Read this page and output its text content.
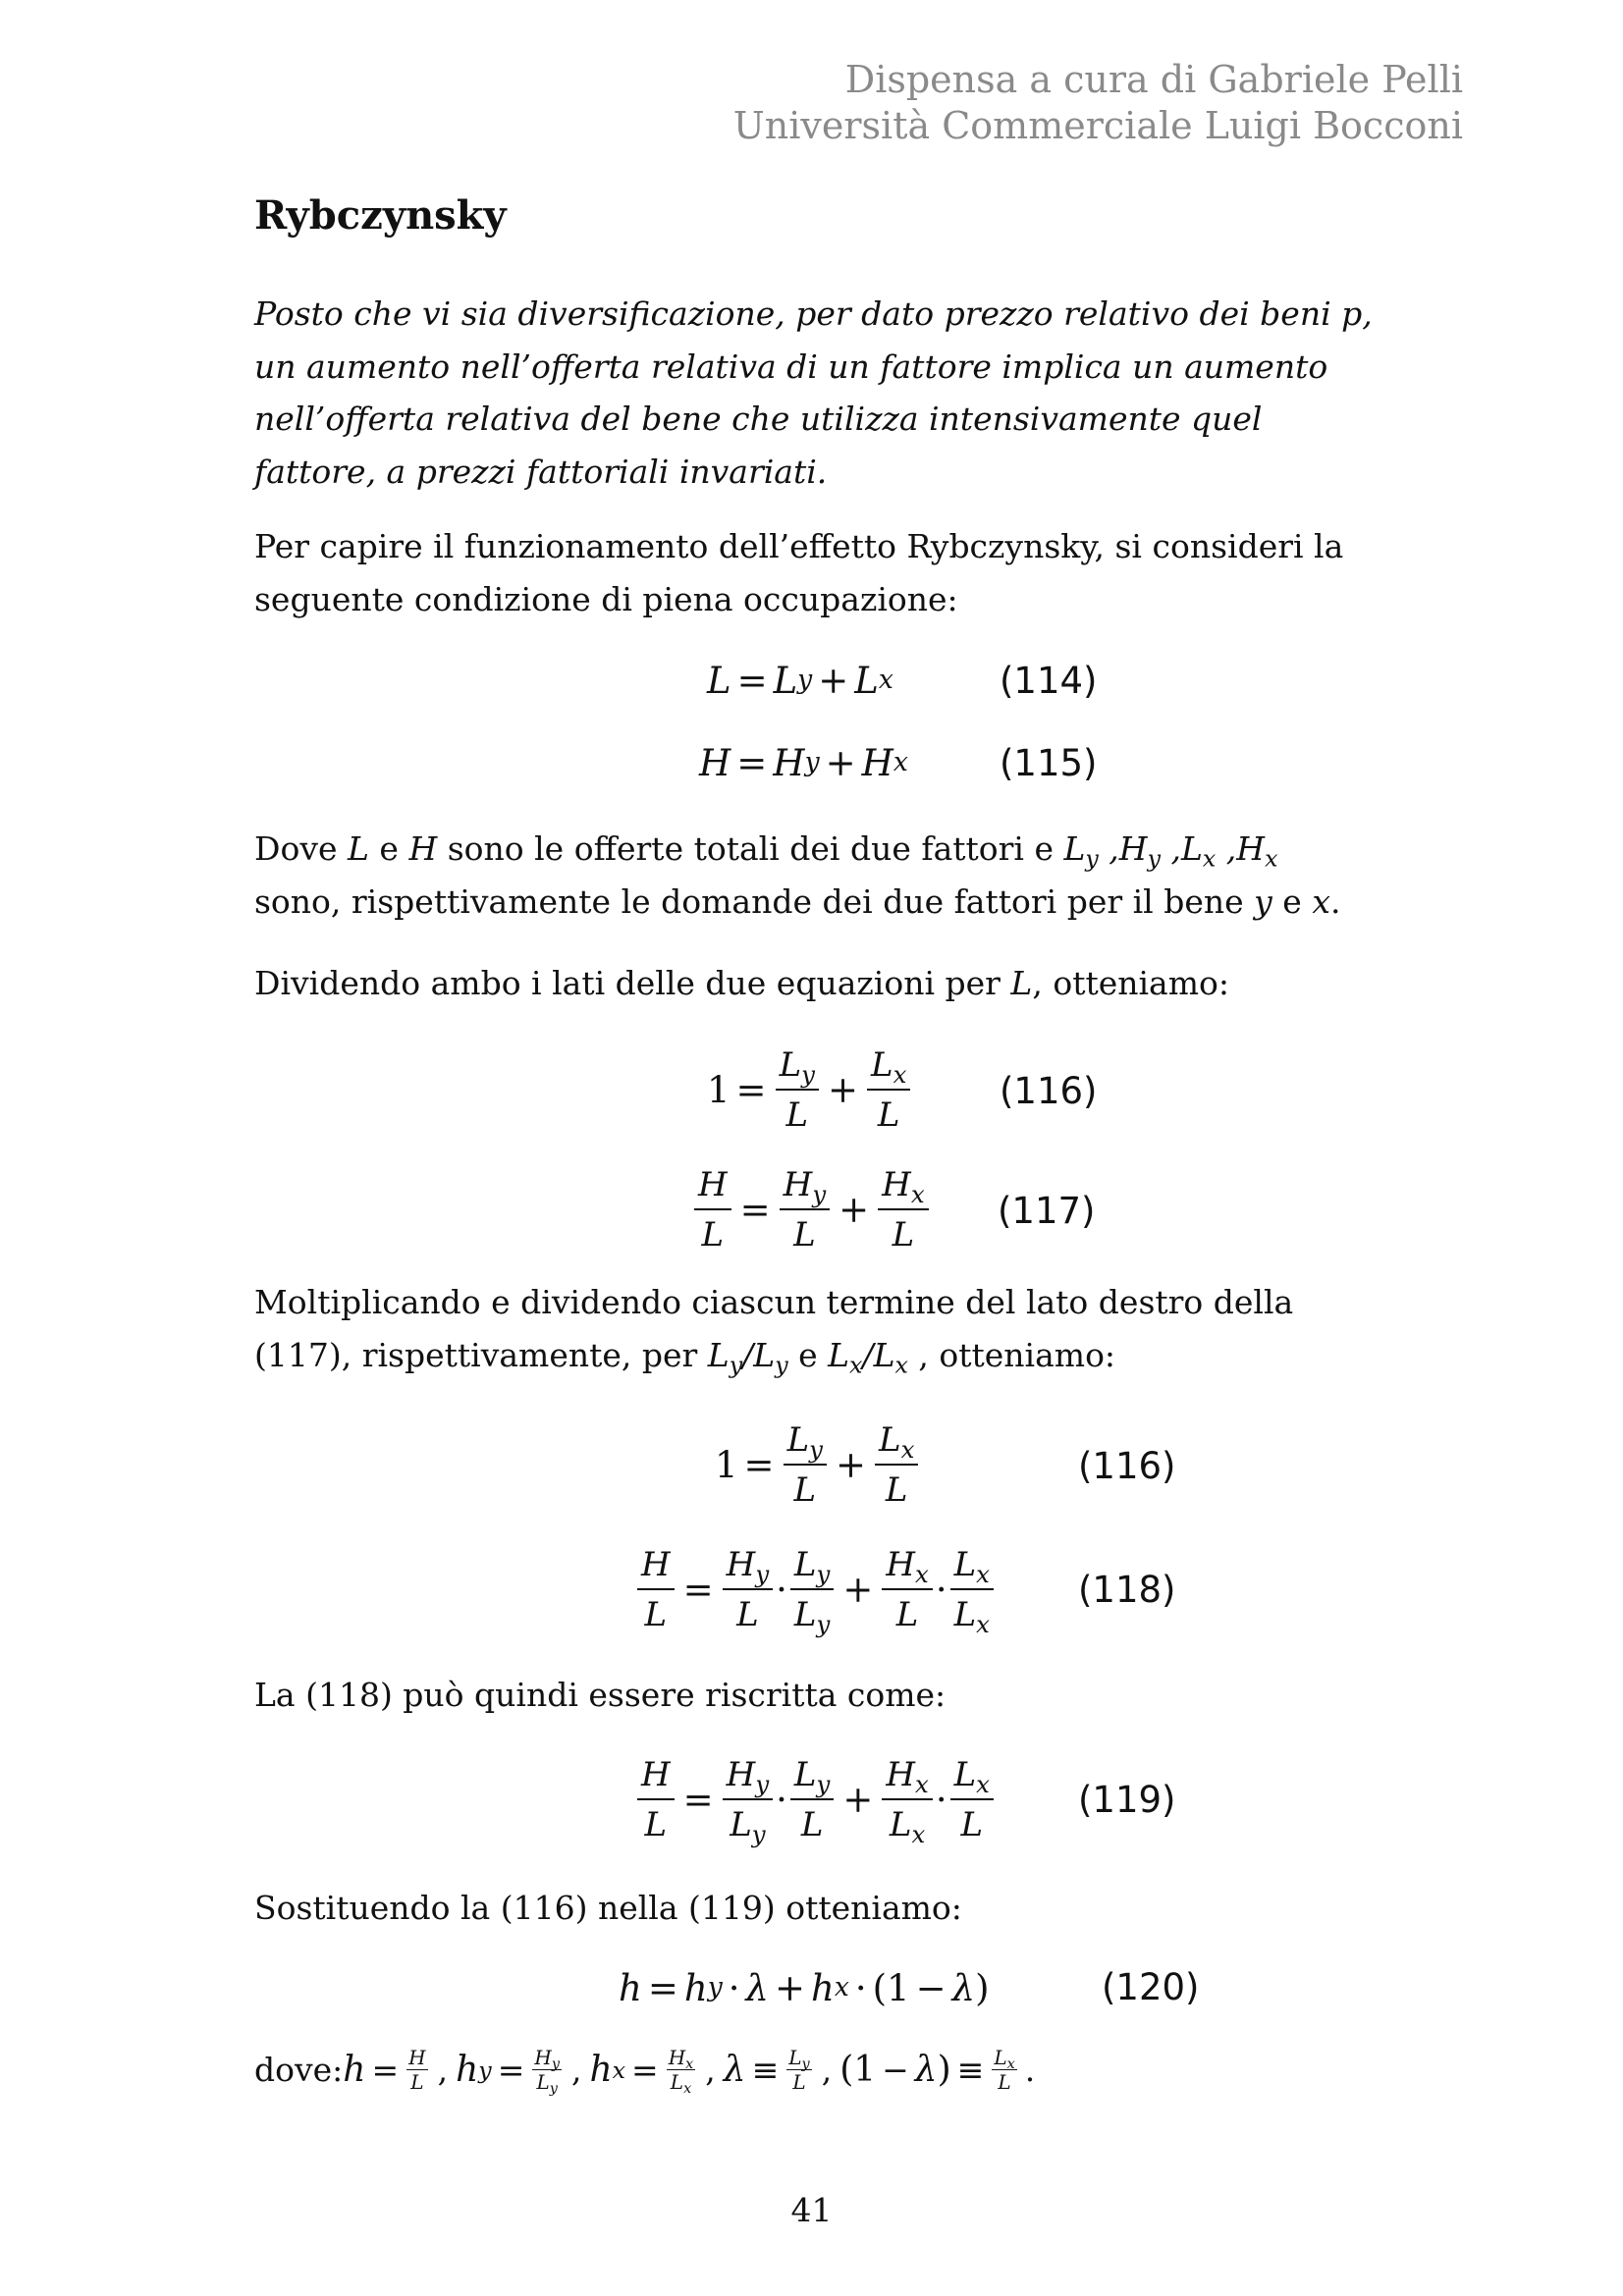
Dispensa a cura di Gabriele Pelli
Università Commerciale Luigi Bocconi
Rybczynsky

Posto che vi sia diversificazione, per dato prezzo relativo dei beni p, un aumento nell’offerta relativa di un fattore implica un aumento nell’offerta relativa del bene che utilizza intensivamente quel fattore, a prezzi fattoriali invariati.

Per capire il funzionamento dell’effetto Rybczynsky, si consideri la seguente condizione di piena occupazione:

L = L y + L x	(114)
H = H y + H x	(115)

Dove L e H sono le offerte totali dei due fattori e $L_y$ $,H_y$ $,L_x$ $,H_x$
sono, rispettivamente le domande dei due fattori per il bene y e x.

Dividendo ambo i lati delle due equazioni per L, otteniamo:

$1 = \frac{L_y}{L} + \frac{L_x}{L} (116)$
$\frac{H}{L} = \frac{H_y}{L} + \frac{H_x}{L} (117)$

Moltiplicando e dividendo ciascun termine del lato destro della (117), rispettivamente, per $L_y/L_y$ e $L_x/L_x$ , otteniamo:

$1 = \frac{L_y}{L} + \frac{L_x}{L}$	(116)
$\frac{H}{L} = \frac{H_y}{L} \cdot \frac{L_y}{L_y} + \frac{H_x}{L} \cdot \frac{L_x}{L_x} (118)$

La (118) può quindi essere riscritta come:

$\frac{H}{L} = \frac{H_y}{L_y} \cdot \frac{L_y}{L} + \frac{H_x}{L_x} \cdot \frac{L_x}{L} (119)$

Sostituendo la (116) nella (119) otteniamo:

h = h y · λ + h x · (1 − λ )	(120)
dove: $h = \frac{H}{L}$ , h $y = \frac{H_y}{L_y}$ , h $x = \frac{H_x}{L_x}$ , $\lambda \equiv \frac{L_y}{L}$ , (1 − λ ) ≡ $\frac{L_x}{L}$ .
41
